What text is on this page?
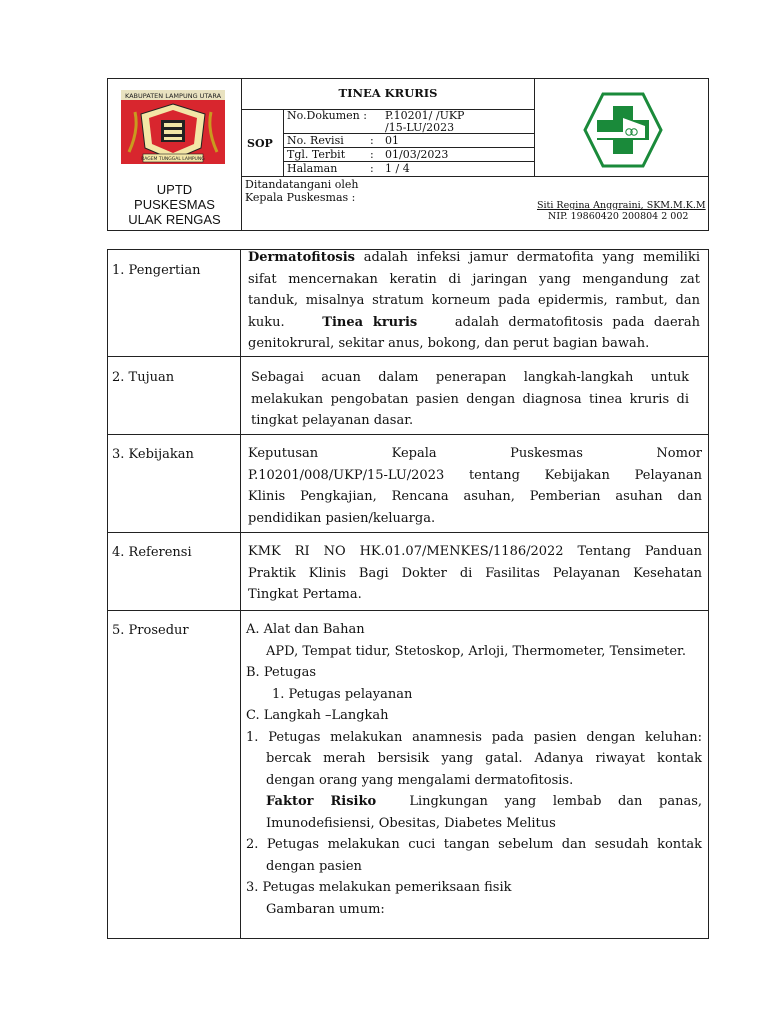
KABUPATEN LAMPUNG UTARA
RAGEM TUNGGAL LAMPUNG
UPTD
PUSKESMAS
ULAK RENGAS
TINEA KRURIS
SOP
No.Dokumen : P.10201/ /UKP
/15-LU/2023
No. Revisi : 01
Tgl. Terbit : 01/03/2023
Halaman	: 1 / 4
Ditandatangani oleh
Kepala Puskesmas :
Siti Regina Anggraini, SKM.M.K.M
NIP. 19860420 200804 2 002
1. Pengertian
Dermatofitosis adalah infeksi jamur dermatofita yang memiliki
sifat mencernakan keratin di jaringan yang mengandung zat
tanduk, misalnya stratum korneum pada epidermis, rambut, dan
kuku.	Tinea kruris	adalah dermatofitosis pada daerah
genitokrural, sekitar anus, bokong, dan perut bagian bawah.
2. Tujuan	Sebagai acuan dalam penerapan langkah-langkah untuk
melakukan pengobatan pasien dengan diagnosa tinea kruris di
tingkat pelayanan dasar.
3. Kebijakan	Keputusan Kepala Puskesmas Nomor
P.10201/008/UKP/15-LU/2023 tentang Kebijakan Pelayanan
Klinis Pengkajian, Rencana asuhan, Pemberian asuhan dan
pendidikan pasien/keluarga.
4. Referensi	KMK RI NO HK.01.07/MENKES/1186/2022 Tentang Panduan
Praktik Klinis Bagi Dokter di Fasilitas Pelayanan Kesehatan
Tingkat Pertama.
5. Prosedur	A. Alat dan Bahan
APD, Tempat tidur, Stetoskop, Arloji, Thermometer, Tensimeter.
B. Petugas
1. Petugas pelayanan
C. Langkah –Langkah
1. Petugas melakukan anamnesis pada pasien dengan keluhan:
bercak merah bersisik yang gatal. Adanya riwayat kontak
dengan orang yang mengalami dermatofitosis.
Faktor Risiko	Lingkungan yang lembab dan panas,
Imunodefisiensi, Obesitas, Diabetes Melitus
2. Petugas melakukan cuci tangan sebelum dan sesudah kontak
dengan pasien
3. Petugas melakukan pemeriksaan fisik
Gambaran umum:
